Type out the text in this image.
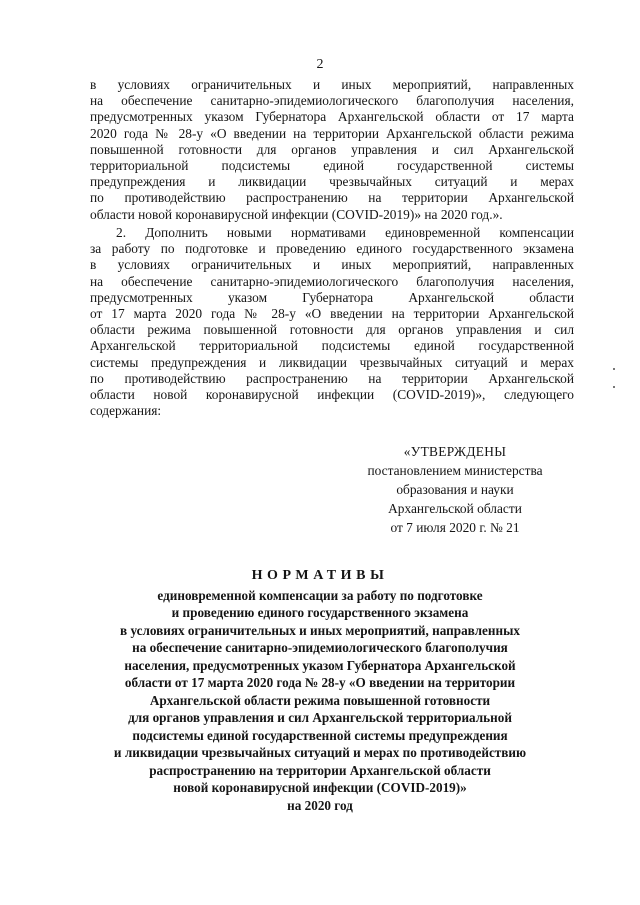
2
в условиях ограничительных и иных мероприятий, направленных
на обеспечение санитарно-эпидемиологического благополучия населения,
предусмотренных указом Губернатора Архангельской области от 17 марта
2020 года № 28-у «О введении на территории Архангельской области режима
повышенной готовности для органов управления и сил Архангельской
территориальной подсистемы единой государственной системы
предупреждения и ликвидации чрезвычайных ситуаций и мерах
по противодействию распространению на территории Архангельской
области новой коронавирусной инфекции (COVID-2019)» на 2020 год.».
2. Дополнить новыми нормативами единовременной компенсации
за работу по подготовке и проведению единого государственного экзамена
в условиях ограничительных и иных мероприятий, направленных
на обеспечение санитарно-эпидемиологического благополучия населения,
предусмотренных указом Губернатора Архангельской области
от 17 марта 2020 года № 28-у «О введении на территории Архангельской
области режима повышенной готовности для органов управления и сил
Архангельской территориальной подсистемы единой государственной
системы предупреждения и ликвидации чрезвычайных ситуаций и мерах
по противодействию распространению на территории Архангельской
области новой коронавирусной инфекции (COVID-2019)», следующего
содержания:
«УТВЕРЖДЕНЫ
постановлением министерства
образования и науки
Архангельской области
от 7 июля 2020 г. № 21
НОРМАТИВЫ
единовременной компенсации за работу по подготовке
и проведению единого государственного экзамена
в условиях ограничительных и иных мероприятий, направленных
на обеспечение санитарно-эпидемиологического благополучия
населения, предусмотренных указом Губернатора Архангельской
области от 17 марта 2020 года № 28-у «О введении на территории
Архангельской области режима повышенной готовности
для органов управления и сил Архангельской территориальной
подсистемы единой государственной системы предупреждения
и ликвидации чрезвычайных ситуаций и мерах по противодействию
распространению на территории Архангельской области
новой коронавирусной инфекции (COVID-2019)»
на 2020 год
